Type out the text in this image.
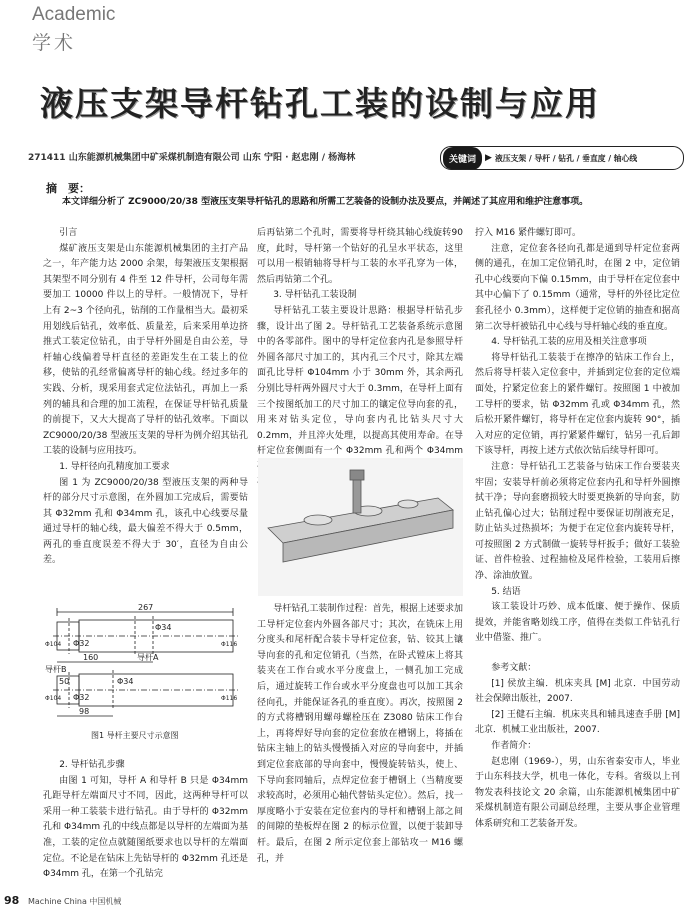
Academic
学术
液压支架导杆钻孔工装的设制与应用
271411 山东能源机械集团中矿采煤机制造有限公司 山东 宁阳 · 赵忠刚 / 杨海林	关键词	▶ 液压支架 / 导杆 / 钻孔 / 垂直度 / 轴心线
摘　要：
本文详细分析了 ZC9000/20/38 型液压支架导杆钻孔的思路和所需工艺装备的设制办法及要点，并阐述了其应用和维护注意事项。

引言

煤矿液压支架是山东能源机械集团的主打产品之一，年产能力达 2000 余架，每架液压支架根据其架型不同分别有 4 件至 12 件导杆，公司每年需要加工 10000 件以上的导杆。一般情况下，导杆上有 2~3 个径向孔，钻削的工作量相当大。最初采用划线后钻孔，效率低、质量差，后来采用单边挤推式工装定位钻孔，由于导杆外圆是自由公差，导杆轴心线偏着导杆直径的差距发生在工装上的位移，使钻的孔经常偏离导杆的轴心线。经过多年的实践、分析，现采用套式定位法钻孔，再加上一系列的辅具和合理的加工流程，在保证导杆钻孔质量的前提下，又大大提高了导杆的钻孔效率。下面以 ZC9000/20/38 型液压支架的导杆为例介绍其钻孔工装的设制与应用技巧。

1. 导杆径向孔精度加工要求

图 1 为 ZC9000/20/38 型液压支架的两种导杆的部分尺寸示意图，在外圆加工完成后，需要钻其 Φ32mm 孔和 Φ34mm 孔，该孔中心线要尽量通过导杆的轴心线，最大偏差不得大于 0.5mm，两孔的垂直度误差不得大于 30′，直径为自由公差。

267
Φ32
Φ34
Φ116
Φ104
160	导杆A
导杆B
50	Φ34
Φ32	Φ116
Φ104
98
图1 导杆主要尺寸示意图

2. 导杆钻孔步骤

由图 1 可知，导杆 A 和导杆 B 只是 Φ34mm 孔距导杆左端面尺寸不同，因此，这两种导杆可以采用一种工装装卡进行钻孔。由于导杆的 Φ32mm 孔和 Φ34mm 孔的中线点都是以导杆的左端面为基准，工装的定位点就随图纸要求也以导杆的左端面定位。不论是在钻床上先钻导杆的 Φ32mm 孔还是 Φ34mm 孔，在第一个孔钻完

后再钻第二个孔时，需要将导杆绕其轴心线旋转90度，此时，导杆第一个钻好的孔呈水平状态，这里可以用一根销轴将导杆与工装的水平孔穿为一体，然后再钻第二个孔。

3. 导杆钻孔工装设制

导杆钻孔工装主要设计思路：根据导杆钻孔步骤，设计出了图 2。导杆钻孔工艺装备系统示意图中的各零部件。图中的导杆定位套内孔是参照导杆外圆各部尺寸加工的，其内孔三个尺寸，除其左端面孔比导杆 Φ104mm 小于 30mm 外，其余两孔分别比导杆两外圆尺寸大于 0.3mm，在导杆上面有三个按图纸加工的尺寸加工的镶定位导向套的孔，用来对钻头定位，导向套内孔比钻头尺寸大 0.2mm，并且淬火处理，以提高其使用寿命。在导杆定位套侧面有一个 Φ32mm 孔和两个 Φ34mm

导杆钻孔工装制作过程：首先，根据上述要求加工导杆定位套内外圆各部尺寸；其次，在铣床上用分度头和尾杆配合装卡导杆定位套，钻、铰其上镶导向套的孔和定位销孔（当然，在卧式镗床上将其装夹在工作台或水平分度盘上，一侧孔加工完成后，通过旋转工作台或水平分度盘也可以加工其余径向孔，并能保证各孔的垂直度）。再次，按照图 2 的方式将槽钢用螺母螺栓压在 Z3080 钻床工作台上，再将焊好导向套的定位套放在槽钢上，将插在钻床主轴上的钻头慢慢插入对应的导向套中，并插到定位套底部的导向套中，慢慢旋转钻头，使上、下导向套同轴后，点焊定位套于槽钢上（当精度要求较高时，必须用心轴代替钻头定位）。然后，找一厚度略小于安装在定位套内的导杆和槽钢上部之间的间隙的垫板焊在图 2 的标示位置，以便于装卸导杆。最后，在图 2 所示定位套上部钻攻一 M16 螺孔，并

拧入 M16 紧件螺钉即可。

注意，定位套各径向孔都是通到导杆定位套两侧的通孔，在加工定位销孔时，在图 2 中，定位销孔中心线要向下偏 0.15mm，由于导杆在定位套中其中心偏下了 0.15mm（通常，导杆的外径比定位套孔径小 0.3mm），这样便于定位销的抽查和据高第二次导杆被钻孔中心线与导杆轴心线的垂直度。

4. 导杆钻孔工装的应用及相关注意事项

将导杆钻孔工装装于在擦净的钻床工作台上，然后将导杆装入定位套中，并插到定位套的定位端面处，拧紧定位套上的紧件螺钉。按照图 1 中被加工导杆的要求，钻 Φ32mm 孔或 Φ34mm 孔，然后松开紧件螺钉，将导杆在定位套内旋转 90°，插入对应的定位销，再拧紧紧件螺钉，钻另一孔后卸下该导杆，再按上述方式依次钻后续导杆即可。

注意：导杆钻孔工艺装备与钻床工作台要装夹牢固；安装导杆前必须将定位套内孔和导杆外圆擦拭干净；导向套磨损较大时要更换新的导向套，防止钻孔偏心过大；钻削过程中要保证切削液充足，防止钻头过热损坏；为便于在定位套内旋转导杆，可按照图 2 方式制做一旋转导杆扳手；做好工装验证、首件检验、过程抽检及尾件检验，工装用后擦净、涂油放置。

5. 结语

该工装设计巧妙、成本低廉、便于操作、保质提效，并能省略划线工序，值得在类似工件钻孔行业中借鉴、推广。

参考文献：

[1] 侯放主编．机床夹具 [M] 北京．中国劳动社会保障出版社，2007.

[2] 王健石主编．机床夹具和辅具速查手册 [M] 北京．机械工业出版社，2007.

作者简介：

赵忠刚（1969-），男，山东省泰安市人，毕业于山东科技大学，机电一体化，专科。省级以上刊物发表科技论文 20 余篇，山东能源机械集团中矿采煤机制造有限公司副总经理，主要从事企业管理体系研究和工艺装备开发。

98 Machine China 中国机械
